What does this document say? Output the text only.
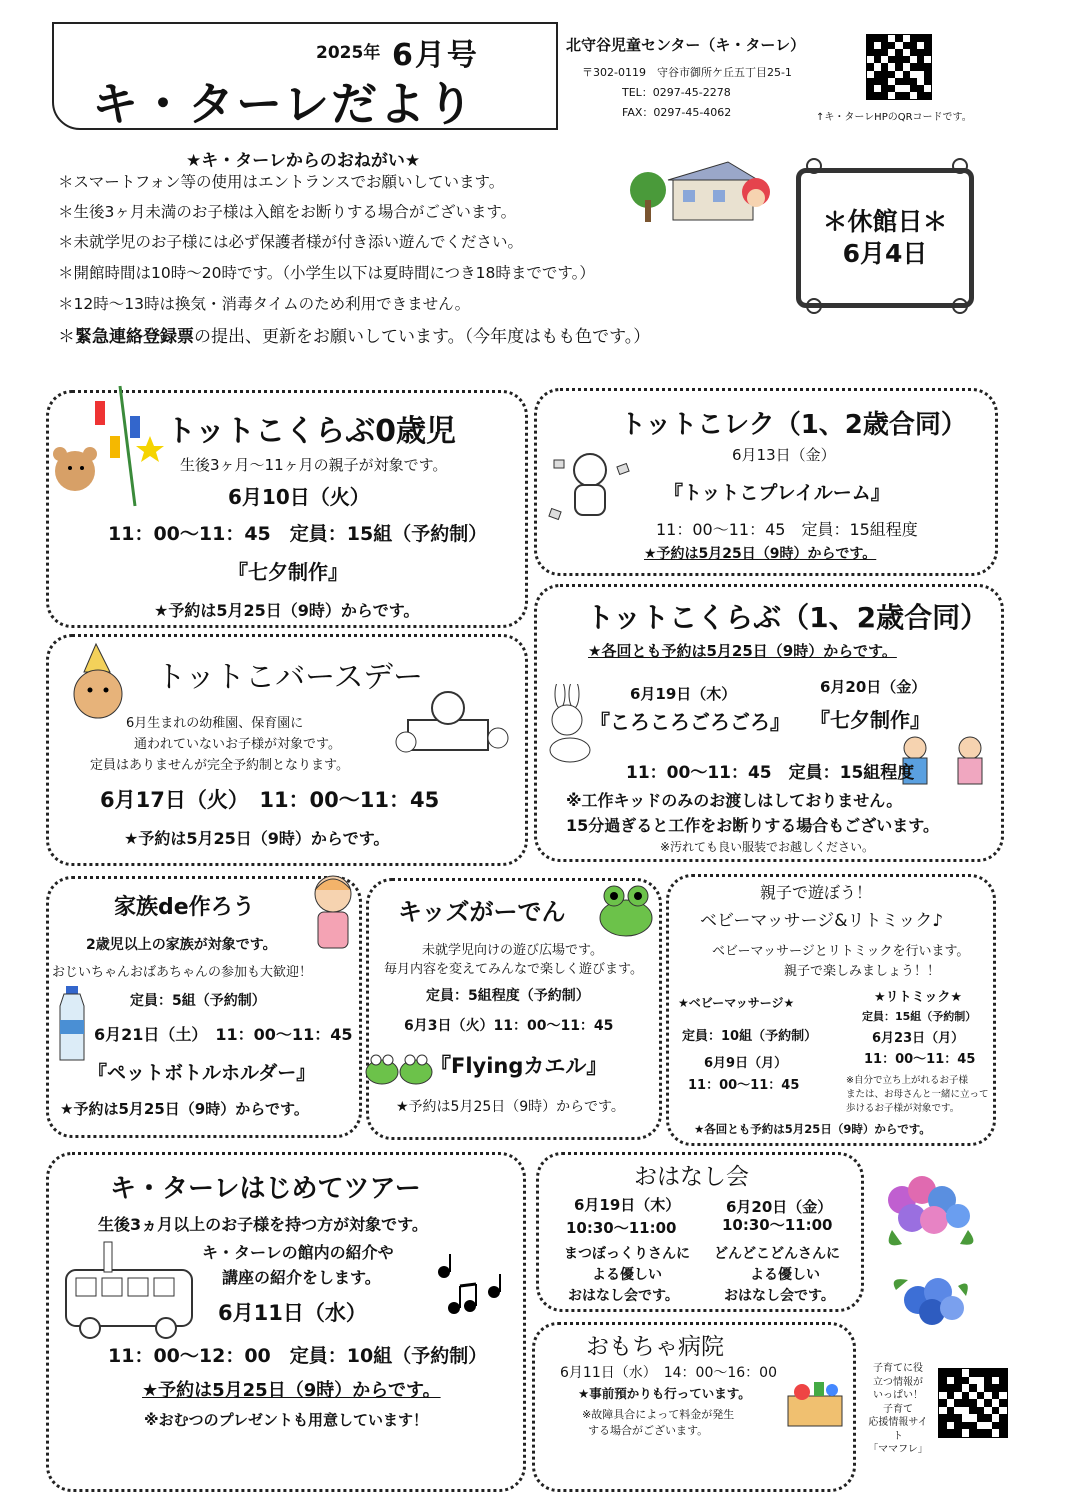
2025年 6月号
キ・ターレだより
北守谷児童センター（キ・ターレ）
〒302-0119　守谷市御所ケ丘五丁目25-1
TEL：0297-45-2278
FAX：0297-45-4062	↑キ・ターレHPのQRコードです。
★キ・ターレからのおねがい★
＊スマートフォン等の使用はエントランスでお願いしています。
＊生後3ヶ月未満のお子様は入館をお断りする場合がございます。
＊未就学児のお子様には必ず保護者様が付き添い遊んでください。
＊開館時間は10時～20時です。（小学生以下は夏時間につき18時までです。）
＊12時～13時は換気・消毒タイムのため利用できません。
＊緊急連絡登録票の提出、更新をお願いしています。（今年度はもも色です。）
＊休館日＊
6月4日
トットこくらぶ0歳児
生後3ヶ月～11ヶ月の親子が対象です。
6月10日（火）
11：00～11：45　定員：15組（予約制）
『七夕制作』
★予約は5月25日（9時）からです。
トットこレク（1、2歳合同）
6月13日（金）
『トットこプレイルーム』
11：00～11：45　定員：15組程度
★予約は5月25日（9時）からです。
トットこバースデー
6月生まれの幼稚園、保育園に
通われていないお子様が対象です。
定員はありませんが完全予約制となります。
6月17日（火）　11：00～11：45
★予約は5月25日（9時）からです。
トットこくらぶ（1、2歳合同）
★各回とも予約は5月25日（9時）からです。
6月19日（木）
『ころころごろごろ』
6月20日（金）
『七夕制作』
11：00～11：45　定員：15組程度
※工作キッドのみのお渡しはしておりません。
15分過ぎると工作をお断りする場合もございます。
※汚れても良い服装でお越しください。
家族de作ろう
2歳児以上の家族が対象です。
おじいちゃんおばあちゃんの参加も大歓迎！
定員：5組（予約制）
6月21日（土）　11：00～11：45
『ペットボトルホルダー』
★予約は5月25日（9時）からです。
キッズがーでん
未就学児向けの遊び広場です。
毎月内容を変えてみんなで楽しく遊びます。
定員：5組程度（予約制）
6月3日（火）11：00～11：45
『Flyingカエル』
★予約は5月25日（9時）からです。
親子で遊ぼう！
ベビーマッサージ&リトミック♪
ベビーマッサージとリトミックを行います。
親子で楽しみましょう！！
★ベビーマッサージ★
定員：10組（予約制）
6月9日（月）
11：00～11：45
★リトミック★
定員：15組（予約制）
6月23日（月）
11：00～11：45
※自分で立ち上がれるお子様
または、お母さんと一緒に立って
歩けるお子様が対象です。
★各回とも予約は5月25日（9時）からです。
キ・ターレはじめてツアー
生後3ヵ月以上のお子様を持つ方が対象です。
キ・ターレの館内の紹介や
講座の紹介をします。
6月11日（水）
11：00～12：00　定員：10組（予約制）
★予約は5月25日（9時）からです。
※おむつのプレゼントも用意しています！
おはなし会
6月19日（木）
10:30～11:00
まつぼっくりさんに
よる優しい
おはなし会です。
6月20日（金）
10:30～11:00
どんどこどんさんに
よる優しい
おはなし会です。
おもちゃ病院
6月11日（水）　14：00～16：00
★事前預かりも行っています。
※故障具合によって料金が発生
する場合がございます。
子育てに役
立つ情報が
いっぱい！
子育て
応援情報サイト
「ママフレ」
